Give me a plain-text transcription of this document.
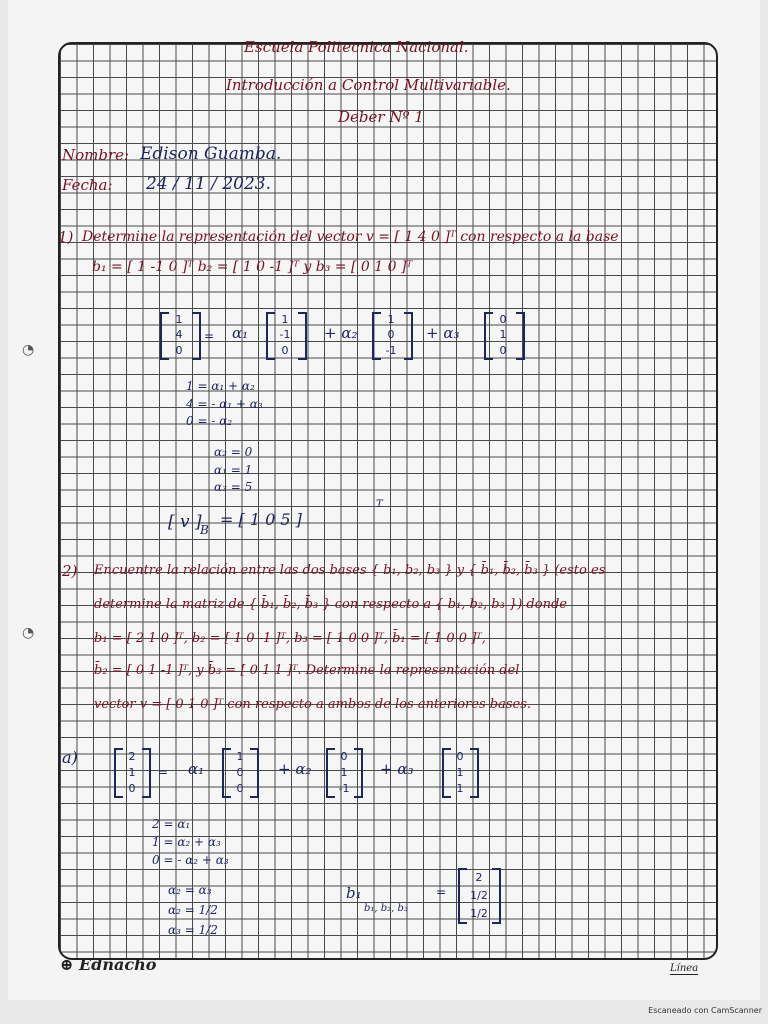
◔
◔
Escuela Politecnica Nacional.
Introducción a Control Multivariable.
Deber Nº 1
Nombre: Edison Guamba.
Fecha: 24 / 11 / 2023.
1) Determine la representación del vector v = [ 1 4 0 ]ᵀ con respecto a la base
b₁ = [ 1 -1 0 ]ᵀ b₂ = [ 1 0 -1 ]ᵀ y b₃ = [ 0 1 0 ]ᵀ
1
4
0
= α₁
1
-1
0
+ α₂
1
0
-1
+ α₃
0
1
0
1 = α₁ + α₂
4 = - α₁ + α₃
0 = - α₂
α₂ = 0
α₁ = 1
α₃ = 5
[ v ]
B
= [ 1 0 5 ]
T
2) Encuentre la relación entre las dos bases { b₁, b₂, b₃ } y { b̄₁, b̄₂, b̄₃ } (esto es
determine la matriz de { b̄₁, b̄₂, b̄₃ } con respecto a { b₁, b₂, b₃ }) donde
b₁ = [ 2 1 0 ]ᵀ, b₂ = [ 1 0 -1 ]ᵀ, b₃ = [ 1 0 0 ]ᵀ, b̄₁ = [ 1 0 0 ]ᵀ,
b̄₂ = [ 0 1 -1 ]ᵀ, y b̄₃ = [ 0 1 1 ]ᵀ. Determine la representación del
vector v = [ 0 1 0 ]ᵀ con respecto a ambos de los anteriores bases.
a)	2
1
0
= α₁
1
0
0
+ α₂
0
1
-1
+ α₃
0
1
1
2 = α₁
1 = α₂ + α₃
0 = - α₂ + α₃
α₂ = α₃
α₂ = 1/2
α₃ = 1/2
b₁
b₁, b₂, b₃
=
2
1/2
1/2
⊕ Ednacho	Línea
Escaneado con CamScanner
